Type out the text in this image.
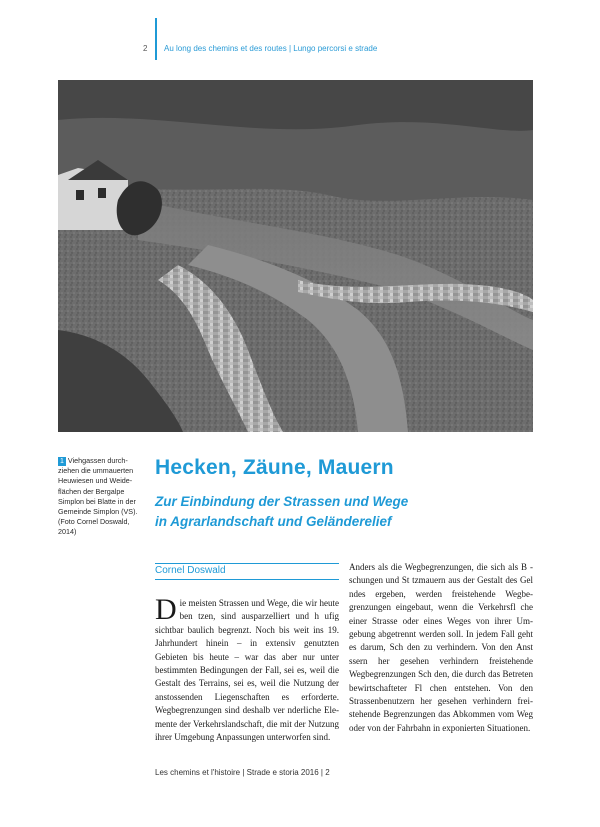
2 Au long des chemins et des routes | Lungo percorsi e strade
1 Viehgassen durchziehen die ummauerten Heuwiesen und Weideflächen der Bergalpe Simplon bei Blatte in der Gemeinde Simplon (VS). (Foto Cornel Doswald, 2014)
Hecken, Zäune, Mauern
Zur Einbindung der Strassen und Wege
in Agrarlandschaft und Geländerelief
Cornel Doswald
Die meisten Strassen und Wege, die wir heute ben tzen, sind ausparzelliert und h ufig sichtbar baulich begrenzt. Noch bis weit ins 19. Jahrhundert hinein – in extensiv genutzten Gebieten bis heute – war das aber nur unter bestimmten Bedingungen der Fall, sei es, weil die Gestalt des Terrains, sei es, weil die Nutzung der anstossenden Liegenschaften es erforderte. Wegbegrenzungen sind deshalb ver nderliche Elemente der Verkehrslandschaft, die mit der Nutzung ihrer Umgebung Anpassungen unterworfen sind.
Anders als die Wegbegrenzungen, die sich als B schungen und St tzmauern aus der Gestalt des Gel ndes ergeben, werden freistehende Wegbegrenzungen eingebaut, wenn die Verkehrsfl che einer Strasse oder eines Weges von ihrer Umgebung abgetrennt werden soll. In jedem Fall geht es darum, Sch den zu verhindern. Von den Anst ssern her gesehen verhindern freistehende Wegbegrenzungen Sch den, die durch das Betreten bewirtschafteter Fl chen entstehen. Von den Strassenbenutzern her gesehen verhindern freistehende Begrenzungen das Abkommen vom Weg oder von der Fahrbahn in exponierten Situationen.
Les chemins et l'histoire | Strade e storia 2016 | 2
